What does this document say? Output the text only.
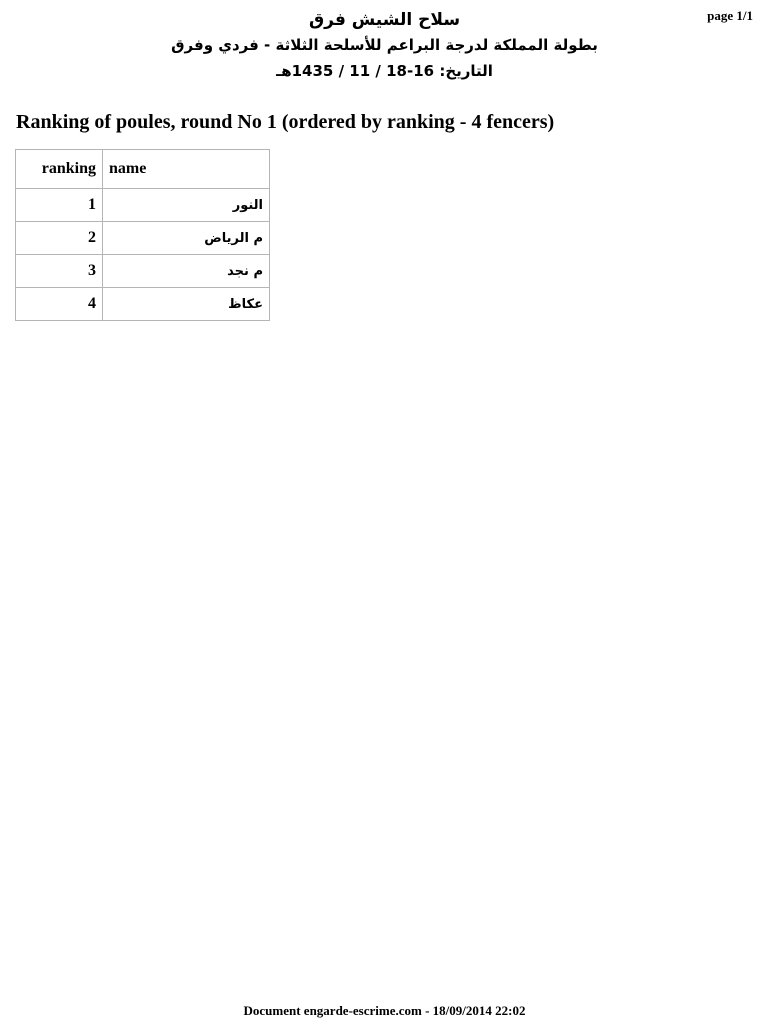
page 1/1
سلاح الشيش فرق
بطولة المملكة لدرجة البراعم للأسلحة الثلاثة - فردي وفرق
التاريخ: 16-18 / 11 / 1435هـ
Ranking of poules, round No 1 (ordered by ranking - 4 fencers)
ranking	name
1	النور
2	م الرياض
3	م نجد
4	عكاظ
Document engarde-escrime.com - 18/09/2014 22:02
